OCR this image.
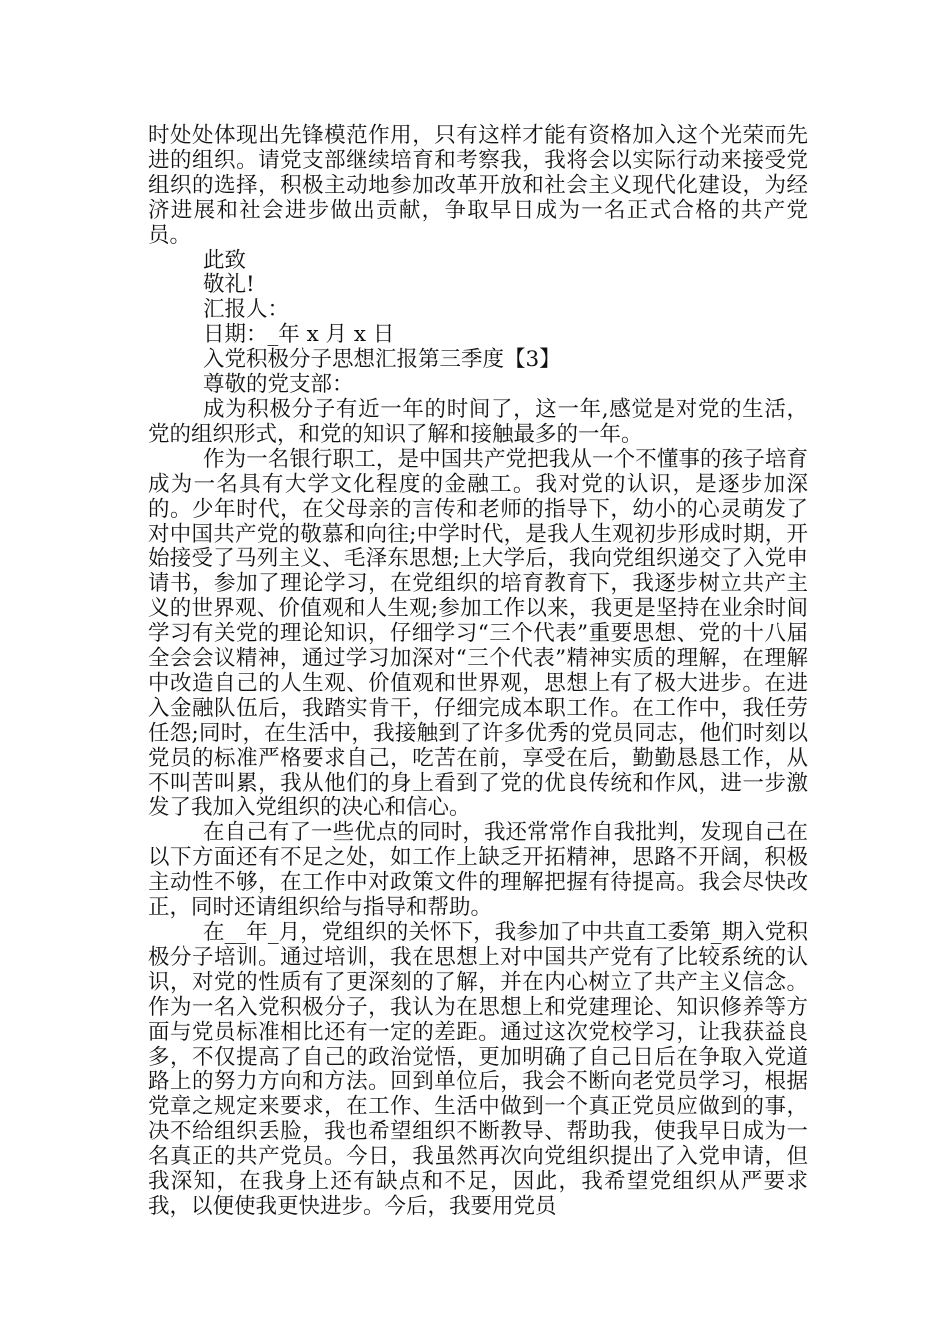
时处处体现出先锋模范作用，只有这样才能有资格加入这个光荣而先进的组织。请党支部继续培育和考察我，我将会以实际行动来接受党组织的选择，积极主动地参加改革开放和社会主义现代化建设，为经济进展和社会进步做出贡献，争取早日成为一名正式合格的共产党员。

此致

敬礼!

汇报人：

日期：_年 x 月 x 日

入党积极分子思想汇报第三季度【3】

尊敬的党支部：

成为积极分子有近一年的时间了，这一年,感觉是对党的生活，党的组织形式，和党的知识了解和接触最多的一年。

作为一名银行职工，是中国共产党把我从一个不懂事的孩子培育成为一名具有大学文化程度的金融工。我对党的认识，是逐步加深的。少年时代，在父母亲的言传和老师的指导下，幼小的心灵萌发了对中国共产党的敬慕和向往;中学时代，是我人生观初步形成时期，开始接受了马列主义、毛泽东思想;上大学后，我向党组织递交了入党申请书，参加了理论学习，在党组织的培育教育下，我逐步树立共产主义的世界观、价值观和人生观;参加工作以来，我更是坚持在业余时间学习有关党的理论知识，仔细学习“三个代表”重要思想、党的十八届全会会议精神，通过学习加深对“三个代表”精神实质的理解，在理解中改造自己的人生观、价值观和世界观，思想上有了极大进步。在进入金融队伍后，我踏实肯干，仔细完成本职工作。在工作中，我任劳任怨;同时，在生活中，我接触到了许多优秀的党员同志，他们时刻以党员的标准严格要求自己，吃苦在前，享受在后，勤勤恳恳工作，从不叫苦叫累，我从他们的身上看到了党的优良传统和作风，进一步激发了我加入党组织的决心和信心。

在自己有了一些优点的同时，我还常常作自我批判，发现自己在以下方面还有不足之处，如工作上缺乏开拓精神，思路不开阔，积极主动性不够，在工作中对政策文件的理解把握有待提高。我会尽快改正，同时还请组织给与指导和帮助。

在__年_月，党组织的关怀下，我参加了中共直工委第_期入党积极分子培训。通过培训，我在思想上对中国共产党有了比较系统的认识，对党的性质有了更深刻的了解，并在内心树立了共产主义信念。作为一名入党积极分子，我认为在思想上和党建理论、知识修养等方面与党员标准相比还有一定的差距。通过这次党校学习，让我获益良多，不仅提高了自己的政治觉悟，更加明确了自己日后在争取入党道路上的努力方向和方法。回到单位后，我会不断向老党员学习，根据党章之规定来要求，在工作、生活中做到一个真正党员应做到的事，决不给组织丢脸，我也希望组织不断教导、帮助我，使我早日成为一名真正的共产党员。今日，我虽然再次向党组织提出了入党申请，但我深知，在我身上还有缺点和不足，因此，我希望党组织从严要求我，以便使我更快进步。今后，我要用党员
